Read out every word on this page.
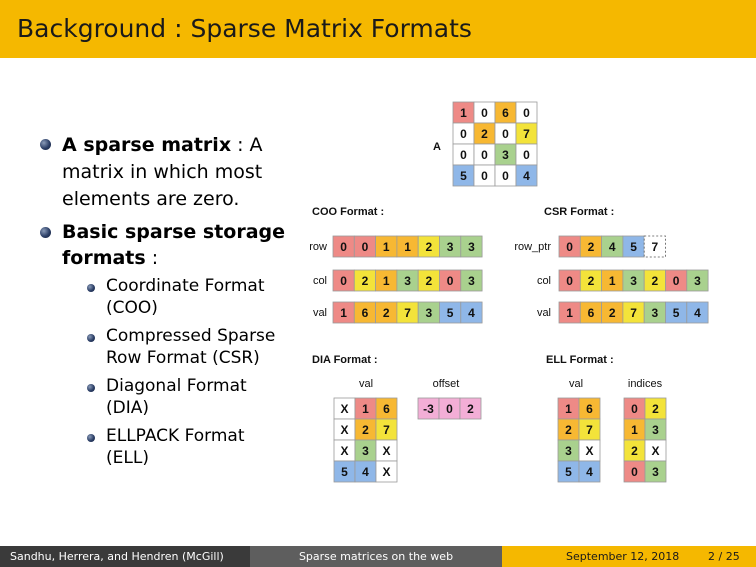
Background : Sparse Matrix Formats
A sparse matrix : A
matrix in which most
elements are zero.
Basic sparse storage
formats :
Coordinate Format
(COO)
Compressed Sparse
Row Format (CSR)
Diagonal Format
(DIA)
ELLPACK Format
(ELL)
A
1 0 6 0
0 2 0 7
0 0 3 0
5 0 0 4
COO Format :
row 0 0 1 1 2 3 3
col 0 2 1 3 2 0 3
val 1 6 2 7 3 5 4
CSR Format :
row_ptr 0 2 4 5 7
col 0 2 1 3 2 0 3
val 1 6 2 7 3 5 4
DIA Format :
val	offset
X 1 6
X 2 7
X 3 X
5 4 X
-3 0 2
ELL Format :
val	indices
1 6
2 7
3 X
5 4
0 2
1 3
2 X
0 3
Sandhu, Herrera, and Hendren (McGill)	Sparse matrices on the web	September 12, 2018	2 / 25
